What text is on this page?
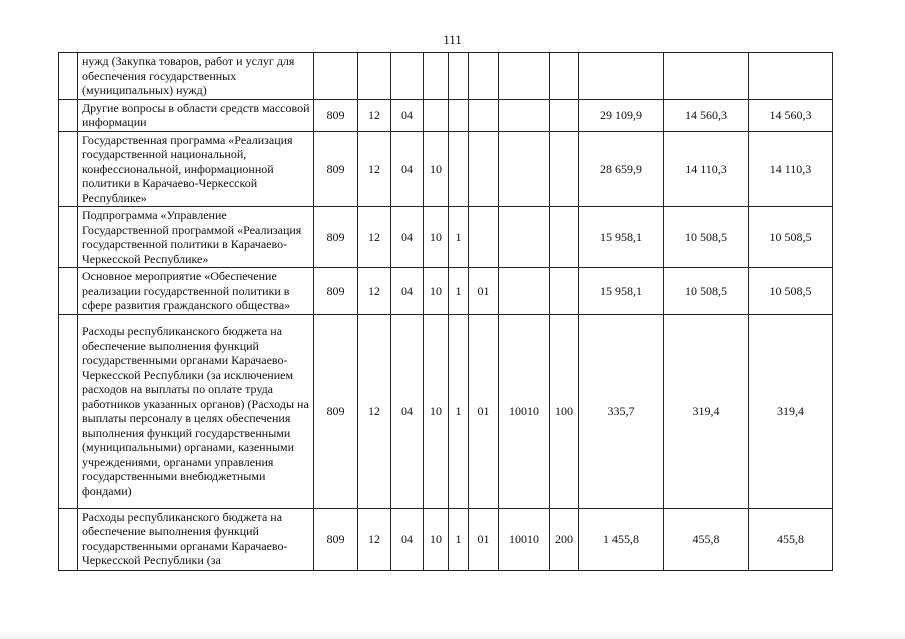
111
	нужд (Закупка товаров, работ и услуг для обеспечения государственных (муниципальных) нужд)											
	Другие вопросы в области средств массовой информации	809	12	04						29 109,9	14 560,3	14 560,3
	Государственная программа «Реализация государственной национальной, конфессиональной, информационной политики в Карачаево-Черкесской Республике»	809	12	04	10					28 659,9	14 110,3	14 110,3
	Подпрограмма «Управление Государственной программой «Реализация государственной политики в Карачаево-Черкесской Республике»	809	12	04	10	1				15 958,1	10 508,5	10 508,5
	Основное мероприятие «Обеспечение реализации государственной политики в сфере развития гражданского общества»	809	12	04	10	1	01			15 958,1	10 508,5	10 508,5
	Расходы республиканского бюджета на обеспечение выполнения функций государственными органами Карачаево-Черкесской Республики (за исключением расходов на выплаты по оплате труда работников указанных органов) (Расходы на выплаты персоналу в целях обеспечения выполнения функций государственными (муниципальными) органами, казенными учреждениями, органами управления государственными внебюджетными фондами)	809	12	04	10	1	01	10010	100	335,7	319,4	319,4
	Расходы республиканского бюджета на обеспечение выполнения функций государственными органами Карачаево-Черкесской Республики (за	809	12	04	10	1	01	10010	200	1 455,8	455,8	455,8
